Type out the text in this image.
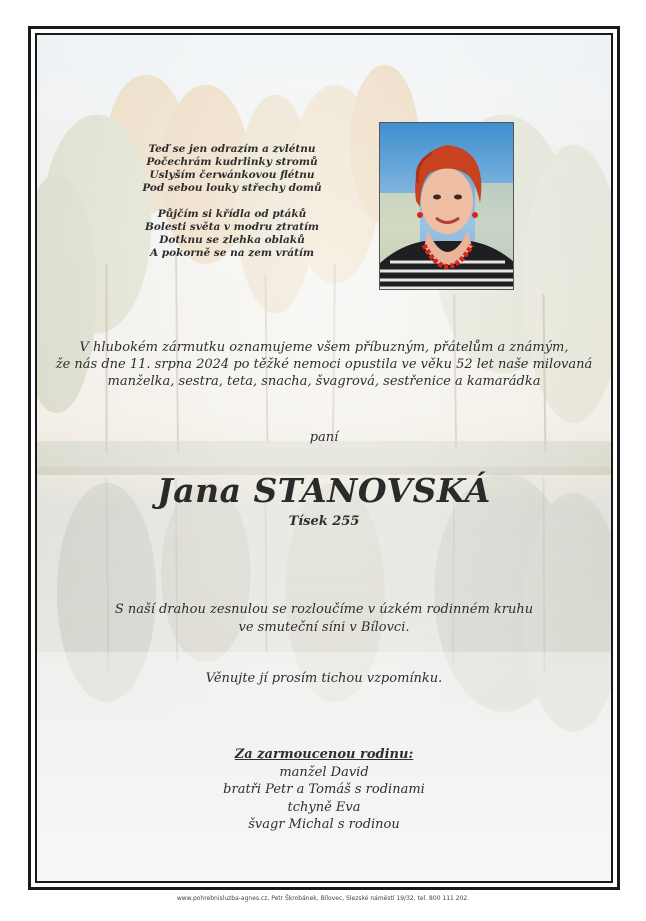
Teď se jen odrazím a zvlétnu

Počechrám kudrlinky stromů

Uslyším čerwánkovou flétnu

Pod sebou louky střechy domů

Půjčím si křídla od ptáků

Bolesti světa v modru ztratím

Dotknu se zlehka oblaků

A pokorně se na zem vrátím

V hlubokém zármutku oznamujeme všem příbuzným, přátelům a známým,

že nás dne 11. srpna 2024 po těžké nemoci opustila ve věku 52 let naše milovaná

manželka, sestra, teta, snacha, švagrová, sestřenice a kamarádka

paní
Jana STANOVSKÁ
Tísek 255

S naší drahou zesnulou se rozloučíme v úzkém rodinném kruhu

ve smuteční síni v Bílovci.

Věnujte jí prosím tichou vzpomínku.

Za zarmoucenou rodinu:

manžel David

bratři Petr a Tomáš s rodinami

tchyně Eva

švagr Michal s rodinou

www.pohrebnisluzba-agnes.cz, Petr Škrobánek, Bílovec, Slezské náměstí 19/32, tel. 800 111 202.
